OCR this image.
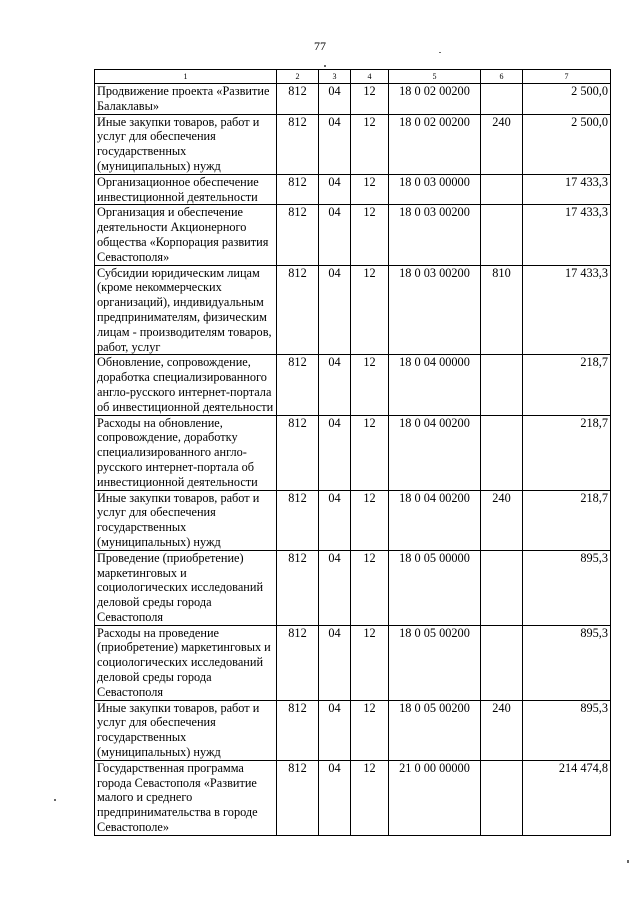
77
1	2	3	4	5	6	7
Продвижение проекта «Развитие Балаклавы»	812	04	12	18 0 02 00200		2 500,0
Иные закупки товаров, работ и услуг для обеспечения государственных (муниципальных) нужд	812	04	12	18 0 02 00200	240	2 500,0
Организационное обеспечение инвестиционной деятельности	812	04	12	18 0 03 00000		17 433,3
Организация и обеспечение деятельности Акционерного общества «Корпорация развития Севастополя»	812	04	12	18 0 03 00200		17 433,3
Субсидии юридическим лицам (кроме некоммерческих организаций), индивидуальным предпринимателям, физическим лицам - производителям товаров, работ, услуг	812	04	12	18 0 03 00200	810	17 433,3
Обновление, сопровождение, доработка специализированного англо-русского интернет-портала об инвестиционной деятельности	812	04	12	18 0 04 00000		218,7
Расходы на обновление, сопровождение, доработку специализированного англо-русского интернет-портала об инвестиционной деятельности	812	04	12	18 0 04 00200		218,7
Иные закупки товаров, работ и услуг для обеспечения государственных (муниципальных) нужд	812	04	12	18 0 04 00200	240	218,7
Проведение (приобретение) маркетинговых и социологических исследований деловой среды города Севастополя	812	04	12	18 0 05 00000		895,3
Расходы на проведение (приобретение) маркетинговых и социологических исследований деловой среды города Севастополя	812	04	12	18 0 05 00200		895,3
Иные закупки товаров, работ и услуг для обеспечения государственных (муниципальных) нужд	812	04	12	18 0 05 00200	240	895,3
Государственная программа города Севастополя «Развитие малого и среднего предпринимательства в городе Севастополе»	812	04	12	21 0 00 00000		214 474,8
